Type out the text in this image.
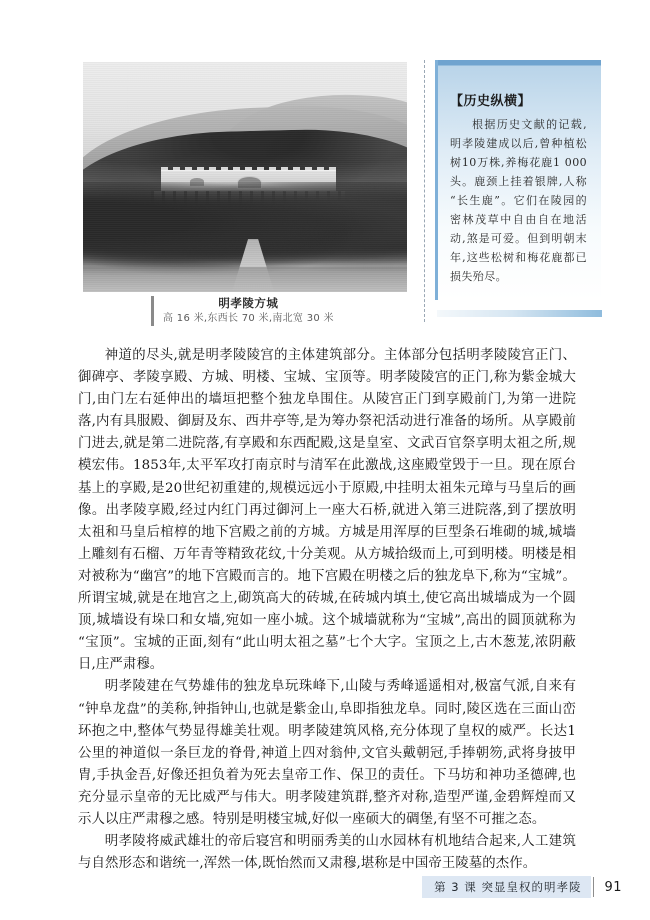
明孝陵方城
高 16 米,东西长 70 米,南北宽 30 米
【历史纵横】
根据历史文献的记载,明孝陵建成以后,曾种植松树10万株,养梅花鹿1 000头。鹿颈上挂着银牌,人称“长生鹿”。它们在陵园的密林茂草中自由自在地活动,煞是可爱。但到明朝末年,这些松树和梅花鹿都已损失殆尽。

神道的尽头,就是明孝陵陵宫的主体建筑部分。主体部分包括明孝陵陵宫正门、御碑亭、孝陵享殿、方城、明楼、宝城、宝顶等。明孝陵陵宫的正门,称为紫金城大门,由门左右延伸出的墙垣把整个独龙阜围住。从陵宫正门到享殿前门,为第一进院落,内有具服殿、御厨及东、西井亭等,是为筹办祭祀活动进行准备的场所。从享殿前门进去,就是第二进院落,有享殿和东西配殿,这是皇室、文武百官祭享明太祖之所,规模宏伟。1853年,太平军攻打南京时与清军在此激战,这座殿堂毁于一旦。现在原台基上的享殿,是20世纪初重建的,规模远远小于原殿,中挂明太祖朱元璋与马皇后的画像。出孝陵享殿,经过内红门再过御河上一座大石桥,就进入第三进院落,到了摆放明太祖和马皇后棺椁的地下宫殿之前的方城。方城是用浑厚的巨型条石堆砌的城,城墙上雕刻有石榴、万年青等精致花纹,十分美观。从方城拾级而上,可到明楼。明楼是相对被称为“幽宫”的地下宫殿而言的。地下宫殿在明楼之后的独龙阜下,称为“宝城”。所谓宝城,就是在地宫之上,砌筑高大的砖城,在砖城内填土,使它高出城墙成为一个圆顶,城墙设有垛口和女墙,宛如一座小城。这个城墙就称为“宝城”,高出的圆顶就称为“宝顶”。宝城的正面,刻有“此山明太祖之墓”七个大字。宝顶之上,古木葱茏,浓阴蔽日,庄严肃穆。

明孝陵建在气势雄伟的独龙阜玩珠峰下,山陵与秀峰遥遥相对,极富气派,自来有“钟阜龙盘”的美称,钟指钟山,也就是紫金山,阜即指独龙阜。同时,陵区选在三面山峦环抱之中,整体气势显得雄美壮观。明孝陵建筑风格,充分体现了皇权的威严。长达1公里的神道似一条巨龙的脊骨,神道上四对翁仲,文官头戴朝冠,手捧朝笏,武将身披甲胄,手执金吾,好像还担负着为死去皇帝工作、保卫的责任。下马坊和神功圣德碑,也充分显示皇帝的无比威严与伟大。明孝陵建筑群,整齐对称,造型严谨,金碧辉煌而又示人以庄严肃穆之感。特别是明楼宝城,好似一座硕大的碉堡,有坚不可摧之态。

明孝陵将威武雄壮的帝后寝宫和明丽秀美的山水园林有机地结合起来,人工建筑与自然形态和谐统一,浑然一体,既怡然而又肃穆,堪称是中国帝王陵墓的杰作。

第 3 课 突显皇权的明孝陵	91
